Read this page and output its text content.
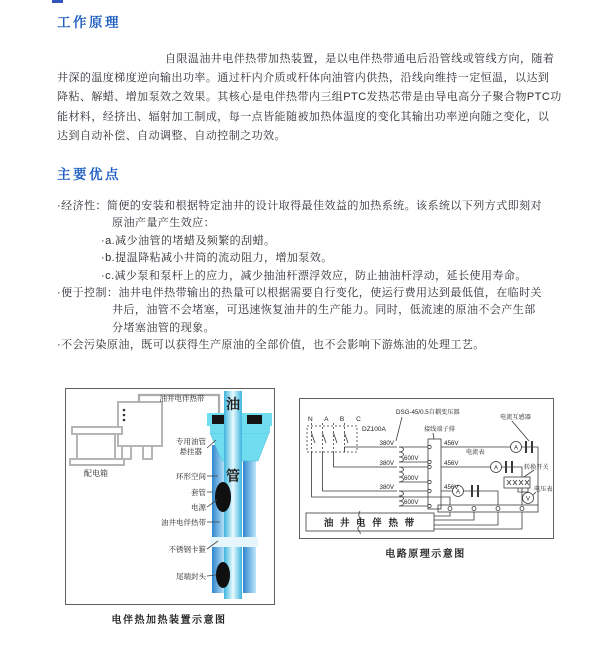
工作原理
自限温油井电伴热带加热装置，是以电伴热带通电后沿管线或管线方向，随着
井深的温度梯度逆向输出功率。通过杆内介质或杆体向油管内供热，沿线向维持一定恒温，以达到
降粘、解蜡、增加泵效之效果。其核心是电伴热带内三组PTC发热芯带是由导电高分子聚合物PTC功
能材料，经挤出、辐射加工制成，每一点皆能随被加热体温度的变化其输出功率逆向随之变化，以
达到自动补偿、自动调整、自动控制之功效。
主要优点
·经济性：简便的安装和根据特定油井的设计取得最佳效益的加热系统。该系统以下列方式即刻对
原油产量产生效应：
·a.减少油管的堵蜡及频繁的刮蜡。
·b.提温降粘减小井筒的流动阻力，增加泵效。
·c.减少泵和泵杆上的应力，减少抽油杆漂浮效应，防止抽油杆浮动，延长使用寿命。
·便于控制：油井电伴热带输出的热量可以根据需要自行变化，使运行费用达到最低值，在临时关
井后，油管不会堵塞，可迅速恢复油井的生产能力。同时，低流速的原油不会产生部
分堵塞油管的现象。
·不会污染原油，既可以获得生产原油的全部价值，也不会影响下游炼油的处理工艺。
油
管
油井电伴热带
配电箱
专用油管
悬挂器
环形空间
套管
电源
油井电伴热带
不锈钢卡箍
尾端封头
电伴热加热装置示意图
N A B C
DZ100A
DSG-45/0.5自耦变压器
接线端子排
电流互感器
电流表
转换开关
电压表
380V
380V
380V
600V
600V
600V
456V
456V
456V
A
A
A
V
油 井 电 伴 热 带
电路原理示意图
